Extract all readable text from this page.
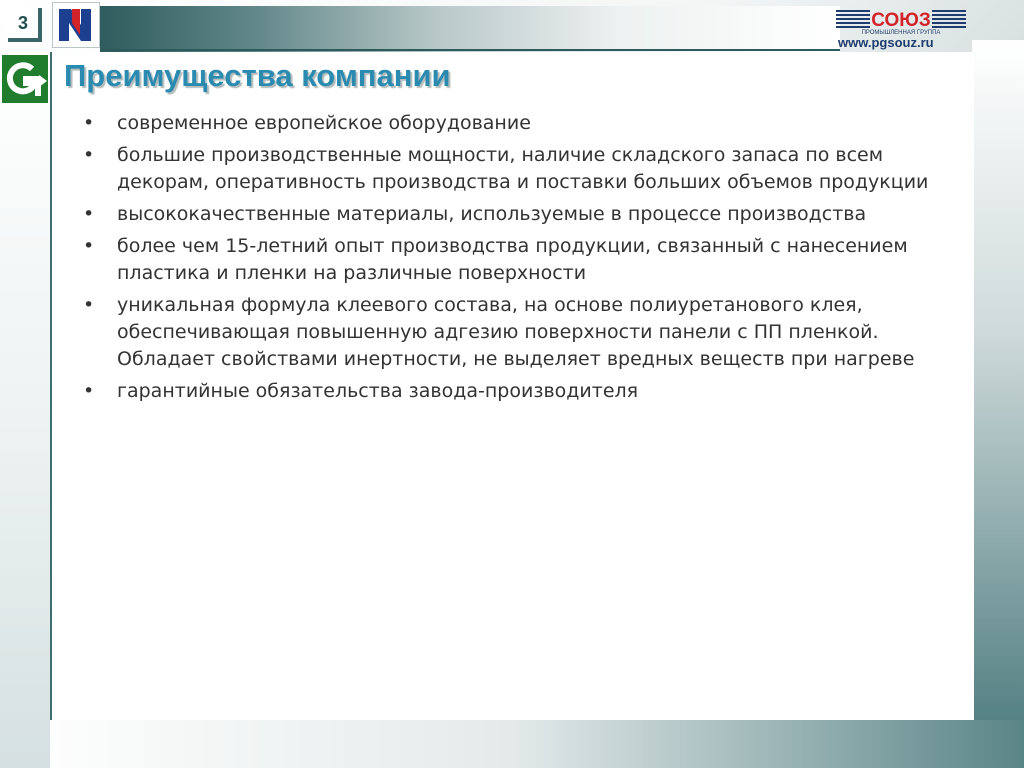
3
Преимущества компании
СОЮЗ
ПРОМЫШЛЕННАЯ ГРУППА
www.pgsouz.ru
• современное европейское оборудование
• большие производственные мощности, наличие складского запаса по всем декорам, оперативность производства и поставки больших объемов продукции
• высококачественные материалы, используемые в процессе производства
• более чем 15-летний опыт производства продукции, связанный с нанесением пластика и пленки на различные поверхности
• уникальная формула клеевого состава, на основе полиуретанового клея, обеспечивающая повышенную адгезию поверхности панели с ПП пленкой. Обладает свойствами инертности, не выделяет вредных веществ при нагреве
• гарантийные обязательства завода-производителя
